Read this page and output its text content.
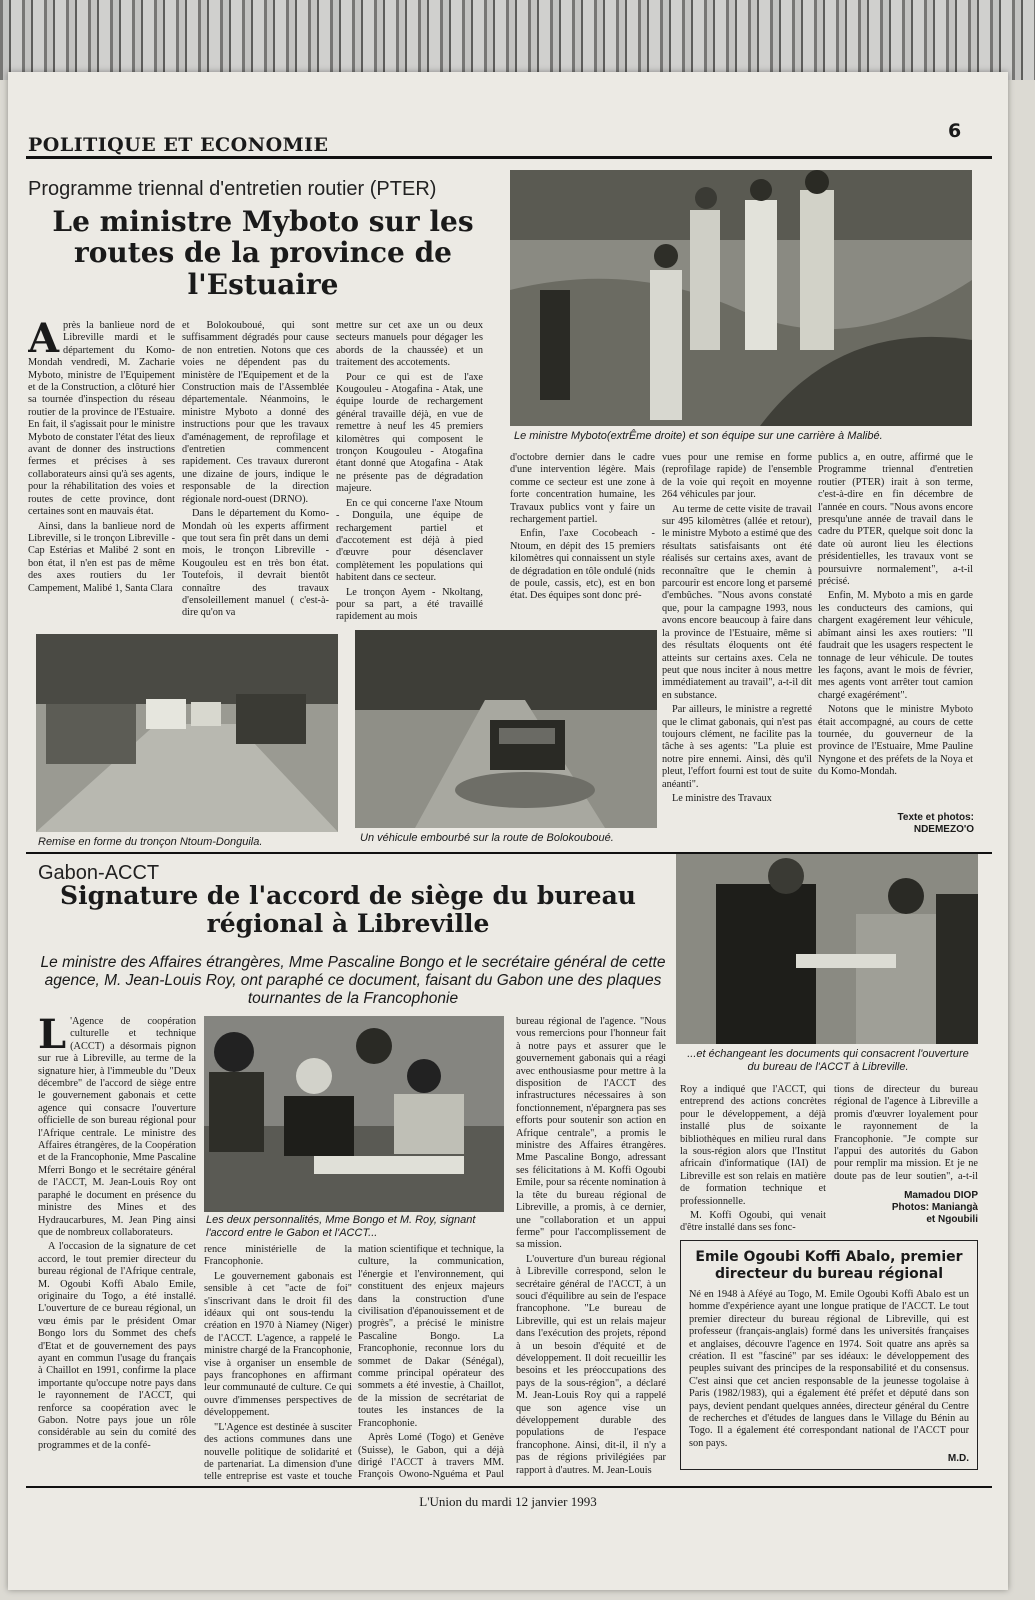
POLITIQUE ET ECONOMIE
6
Programme triennal d'entretien routier (PTER)
Le ministre Myboto sur les routes de la province de l'Estuaire
Le ministre Myboto(extrÊme droite) et son équipe sur une carrière à Malibé.

Après la banlieue nord de Libreville mardi et le département du Komo-Mondah vendredi, M. Zacharie Myboto, ministre de l'Equipement et de la Construction, a clôturé hier sa tournée d'inspection du réseau routier de la province de l'Estuaire. En fait, il s'agissait pour le ministre Myboto de constater l'état des lieux avant de donner des instructions fermes et précises à ses collaborateurs ainsi qu'à ses agents, pour la réhabilitation des voies et routes de cette province, dont certaines sont en mauvais état.

Ainsi, dans la banlieue nord de Libreville, si le tronçon Libreville - Cap Estérias et Malibé 2 sont en bon état, il n'en est pas de même des axes routiers du 1er Campement, Malibé 1, Santa Clara

et Bolokouboué, qui sont suffisamment dégradés pour cause de non entretien. Notons que ces voies ne dépendent pas du ministère de l'Equipement et de la Construction mais de l'Assemblée départementale. Néanmoins, le ministre Myboto a donné des instructions pour que les travaux d'aménagement, de reprofilage et d'entretien commencent rapidement. Ces travaux dureront une dizaine de jours, indique le responsable de la direction régionale nord-ouest (DRNO).

Dans le département du Komo-Mondah où les experts affirment que tout sera fin prêt dans un demi mois, le tronçon Libreville - Kougouleu est en très bon état. Toutefois, il devrait bientôt connaître des travaux d'ensoleillement manuel ( c'est-à-dire qu'on va

mettre sur cet axe un ou deux secteurs manuels pour dégager les abords de la chaussée) et un traitement des accotements.

Pour ce qui est de l'axe Kougouleu - Atogafina - Atak, une équipe lourde de rechargement général travaille déjà, en vue de remettre à neuf les 45 premiers kilomètres qui composent le tronçon Kougouleu - Atogafina étant donné que Atogafina - Atak ne présente pas de dégradation majeure.

En ce qui concerne l'axe Ntoum - Donguila, une équipe de rechargement partiel et d'accotement est déjà à pied d'œuvre pour désenclaver complètement les populations qui habitent dans ce secteur.

Le tronçon Ayem - Nkoltang, pour sa part, a été travaillé rapidement au mois

d'octobre dernier dans le cadre d'une intervention légère. Mais comme ce secteur est une zone à forte concentration humaine, les Travaux publics vont y faire un rechargement partiel.

Enfin, l'axe Cocobeach - Ntoum, en dépit des 15 premiers kilomètres qui connaissent un style de dégradation en tôle ondulé (nids de poule, cassis, etc), est en bon état. Des équipes sont donc pré-

vues pour une remise en forme (reprofilage rapide) de l'ensemble de la voie qui reçoit en moyenne 264 véhicules par jour.

Au terme de cette visite de travail sur 495 kilomètres (allée et retour), le ministre Myboto a estimé que des résultats satisfaisants ont été réalisés sur certains axes, avant de reconnaître que le chemin à parcourir est encore long et parsemé d'embûches. "Nous avons constaté que, pour la campagne 1993, nous avons encore beaucoup à faire dans la province de l'Estuaire, même si des résultats éloquents ont été atteints sur certains axes. Cela ne peut que nous inciter à nous mettre immédiatement au travail", a-t-il dit en substance.

Par ailleurs, le ministre a regretté que le climat gabonais, qui n'est pas toujours clément, ne facilite pas la tâche à ses agents: "La pluie est notre pire ennemi. Ainsi, dès qu'il pleut, l'effort fourni est tout de suite anéanti".

Le ministre des Travaux

publics a, en outre, affirmé que le Programme triennal d'entretien routier (PTER) irait à son terme, c'est-à-dire en fin décembre de l'année en cours. "Nous avons encore presqu'une année de travail dans le cadre du PTER, quelque soit donc la date où auront lieu les élections présidentielles, les travaux vont se poursuivre normalement", a-t-il précisé.

Enfin, M. Myboto a mis en garde les conducteurs des camions, qui chargent exagérement leur véhicule, abîmant ainsi les axes routiers: "Il faudrait que les usagers respectent le tonnage de leur véhicule. De toutes les façons, avant le mois de février, mes agents vont arrêter tout camion chargé exagérément".

Notons que le ministre Myboto était accompagné, au cours de cette tournée, du gouverneur de la province de l'Estuaire, Mme Pauline Nyngone et des préfets de la Noya et du Komo-Mondah.

Texte et photos:
NDEMEZO'O
Remise en forme du tronçon Ntoum-Donguila.	Un véhicule embourbé sur la route de Bolokouboué.
Gabon-ACCT
Signature de l'accord de siège du bureau régional à Libreville
Le ministre des Affaires étrangères, Mme Pascaline Bongo et le secrétaire général de cette agence, M. Jean-Louis Roy, ont paraphé ce document, faisant du Gabon une des plaques tournantes de la Francophonie
...et échangeant les documents qui consacrent l'ouverture du bureau de l'ACCT à Libreville.
Les deux personnalités, Mme Bongo et M. Roy, signant l'accord entre le Gabon et l'ACCT...

L 'Agence de coopération culturelle et technique (ACCT) a désormais pignon sur rue à Libreville, au terme de la signature hier, à l'immeuble du "Deux décembre" de l'accord de siège entre le gouvernement gabonais et cette agence qui consacre l'ouverture officielle de son bureau régional pour l'Afrique centrale. Le ministre des Affaires étrangères, de la Coopération et de la Francophonie, Mme Pascaline Mferri Bongo et le secrétaire général de l'ACCT, M. Jean-Louis Roy ont paraphé le document en présence du ministre des Mines et des Hydraucarbures, M. Jean Ping ainsi que de nombreux collaborateurs.

A l'occasion de la signature de cet accord, le tout premier directeur du bureau régional de l'Afrique centrale, M. Ogoubi Koffi Abalo Emile, originaire du Togo, a été installé. L'ouverture de ce bureau régional, un vœu émis par le président Omar Bongo lors du Sommet des chefs d'Etat et de gouvernement des pays ayant en commun l'usage du français à Chaillot en 1991, confirme la place importante qu'occupe notre pays dans le rayonnement de l'ACCT, qui renforce sa coopération avec le Gabon. Notre pays joue un rôle considérable au sein du comité des programmes et de la confé-

rence ministérielle de la Francophonie.

Le gouvernement gabonais est sensible à cet "acte de foi" s'inscrivant dans le droit fil des idéaux qui ont sous-tendu la création en 1970 à Niamey (Niger) de l'ACCT. L'agence, a rappelé le ministre chargé de la Francophonie, vise à organiser un ensemble de pays francophones en affirmant leur communauté de culture. Ce qui ouvre d'immenses perspectives de développement.

"L'Agence est destinée à susciter des actions communes dans une nouvelle politique de solidarité et de partenariat. La dimension d'une telle entreprise est vaste et touche

mation scientifique et technique, la culture, la communication, l'énergie et l'environnement, qui constituent des enjeux majeurs dans la construction d'une civilisation d'épanouissement et de progrès", a précisé le ministre Pascaline Bongo. La Francophonie, reconnue lors du sommet de Dakar (Sénégal), comme principal opérateur des sommets a été investie, à Chaillot, de la mission de secrétariat de toutes les instances de la Francophonie.

Après Lomé (Togo) et Genève (Suisse), le Gabon, qui a déjà dirigé l'ACCT à travers MM. François Owono-Nguéma et Paul

bureau régional de l'agence. "Nous vous remercions pour l'honneur fait à notre pays et assurer que le gouvernement gabonais qui a réagi avec enthousiasme pour mettre à la disposition de l'ACCT des infrastructures nécessaires à son fonctionnement, n'épargnera pas ses efforts pour soutenir son action en Afrique centrale", a promis le ministre des Affaires étrangères. Mme Pascaline Bongo, adressant ses félicitations à M. Koffi Ogoubi Emile, pour sa récente nomination à la tête du bureau régional de Libreville, a promis, à ce dernier, une "collaboration et un appui ferme" pour l'accomplissement de sa mission.

L'ouverture d'un bureau régional à Libreville correspond, selon le secrétaire général de l'ACCT, à un souci d'équilibre au sein de l'espace francophone. "Le bureau de Libreville, qui est un relais majeur dans l'exécution des projets, répond à un besoin d'équité et de développement. Il doit recueillir les besoins et les préoccupations des pays de la sous-région", a déclaré M. Jean-Louis Roy qui a rappelé que son agence vise un développement durable des populations de l'espace francophone. Ainsi, dit-il, il n'y a pas de régions privilégiées par rapport à d'autres. M. Jean-Louis

Roy a indiqué que l'ACCT, qui entreprend des actions concrètes pour le développement, a déjà installé plus de soixante bibliothèques en milieu rural dans la sous-région alors que l'Institut africain d'informatique (IAI) de Libreville est son relais en matière de formation technique et professionnelle.

M. Koffi Ogoubi, qui venait d'être installé dans ses fonc-

tions de directeur du bureau régional de l'agence à Libreville a promis d'œuvrer loyalement pour le rayonnement de la Francophonie. "Je compte sur l'appui des autorités du Gabon pour remplir ma mission. Et je ne doute pas de leur soutien", a-t-il

Mamadou DIOP
Photos: Maniangà
et Ngoubili
Emile Ogoubi Koffi Abalo, premier directeur du bureau régional

Né en 1948 à Aféyé au Togo, M. Emile Ogoubi Koffi Abalo est un homme d'expérience ayant une longue pratique de l'ACCT. Le tout premier directeur du bureau régional de Libreville, qui est professeur (français-anglais) formé dans les universités françaises et anglaises, découvre l'agence en 1974. Soit quatre ans après sa création. Il est "fasciné" par ses idéaux: le développement des peuples suivant des principes de la responsabilité et du consensus. C'est ainsi que cet ancien responsable de la jeunesse togolaise à Paris (1982/1983), qui a également été préfet et député dans son pays, devient pendant quelques années, directeur général du Centre de recherches et d'études de langues dans le Village du Bénin au Togo. Il a également été correspondant national de l'ACCT pour son pays.

M.D.
L'Union du mardi 12 janvier 1993
